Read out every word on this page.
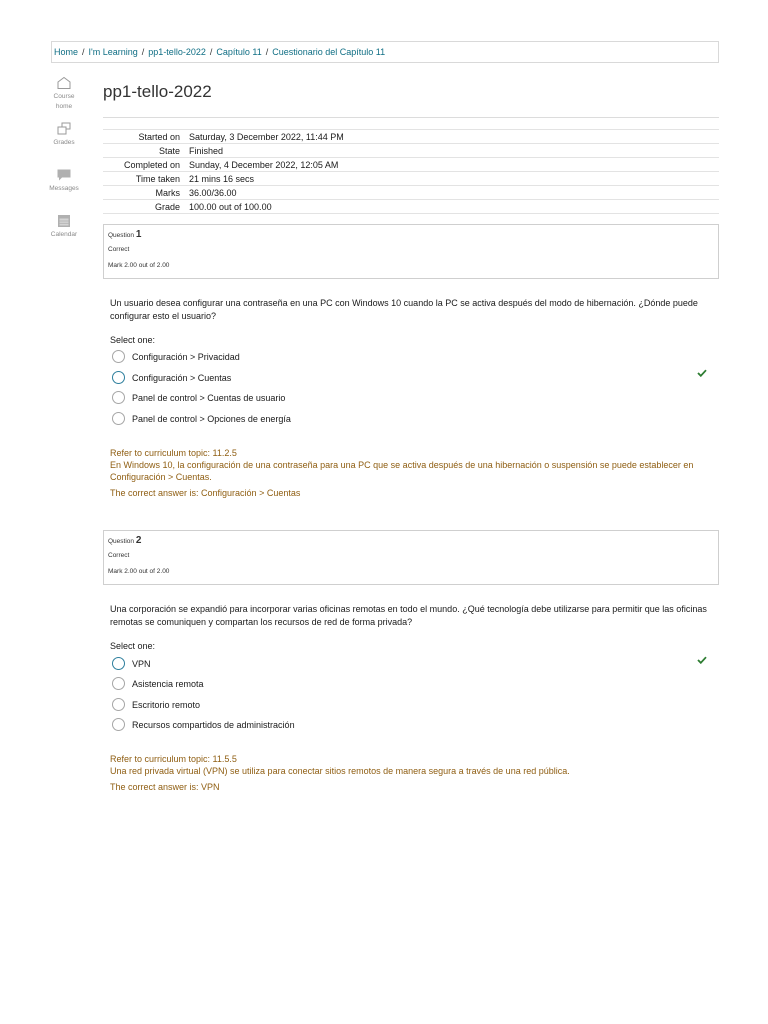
Home / I'm Learning / pp1-tello-2022 / Capítulo 11 / Cuestionario del Capítulo 11
Course home
Grades
Messages
Calendar
pp1-tello-2022
Started on	Saturday, 3 December 2022, 11:44 PM
State	Finished
Completed on	Sunday, 4 December 2022, 12:05 AM
Time taken	21 mins 16 secs
Marks	36.00/36.00
Grade	100.00 out of 100.00
Question 1
Correct
Mark 2.00 out of 2.00
Un usuario desea configurar una contraseña en una PC con Windows 10 cuando la PC se activa después del modo de hibernación. ¿Dónde puede configurar esto el usuario?
Select one:
Configuración > Privacidad
Configuración > Cuentas
Panel de control > Cuentas de usuario
Panel de control > Opciones de energía
Refer to curriculum topic: 11.2.5
En Windows 10, la configuración de una contraseña para una PC que se activa después de una hibernación o suspensión se puede establecer en Configuración > Cuentas.
The correct answer is: Configuración > Cuentas
Question 2
Correct
Mark 2.00 out of 2.00
Una corporación se expandió para incorporar varias oficinas remotas en todo el mundo. ¿Qué tecnología debe utilizarse para permitir que las oficinas remotas se comuniquen y compartan los recursos de red de forma privada?
Select one:
VPN
Asistencia remota
Escritorio remoto
Recursos compartidos de administración
Refer to curriculum topic: 11.5.5
Una red privada virtual (VPN) se utiliza para conectar sitios remotos de manera segura a través de una red pública.
The correct answer is: VPN
